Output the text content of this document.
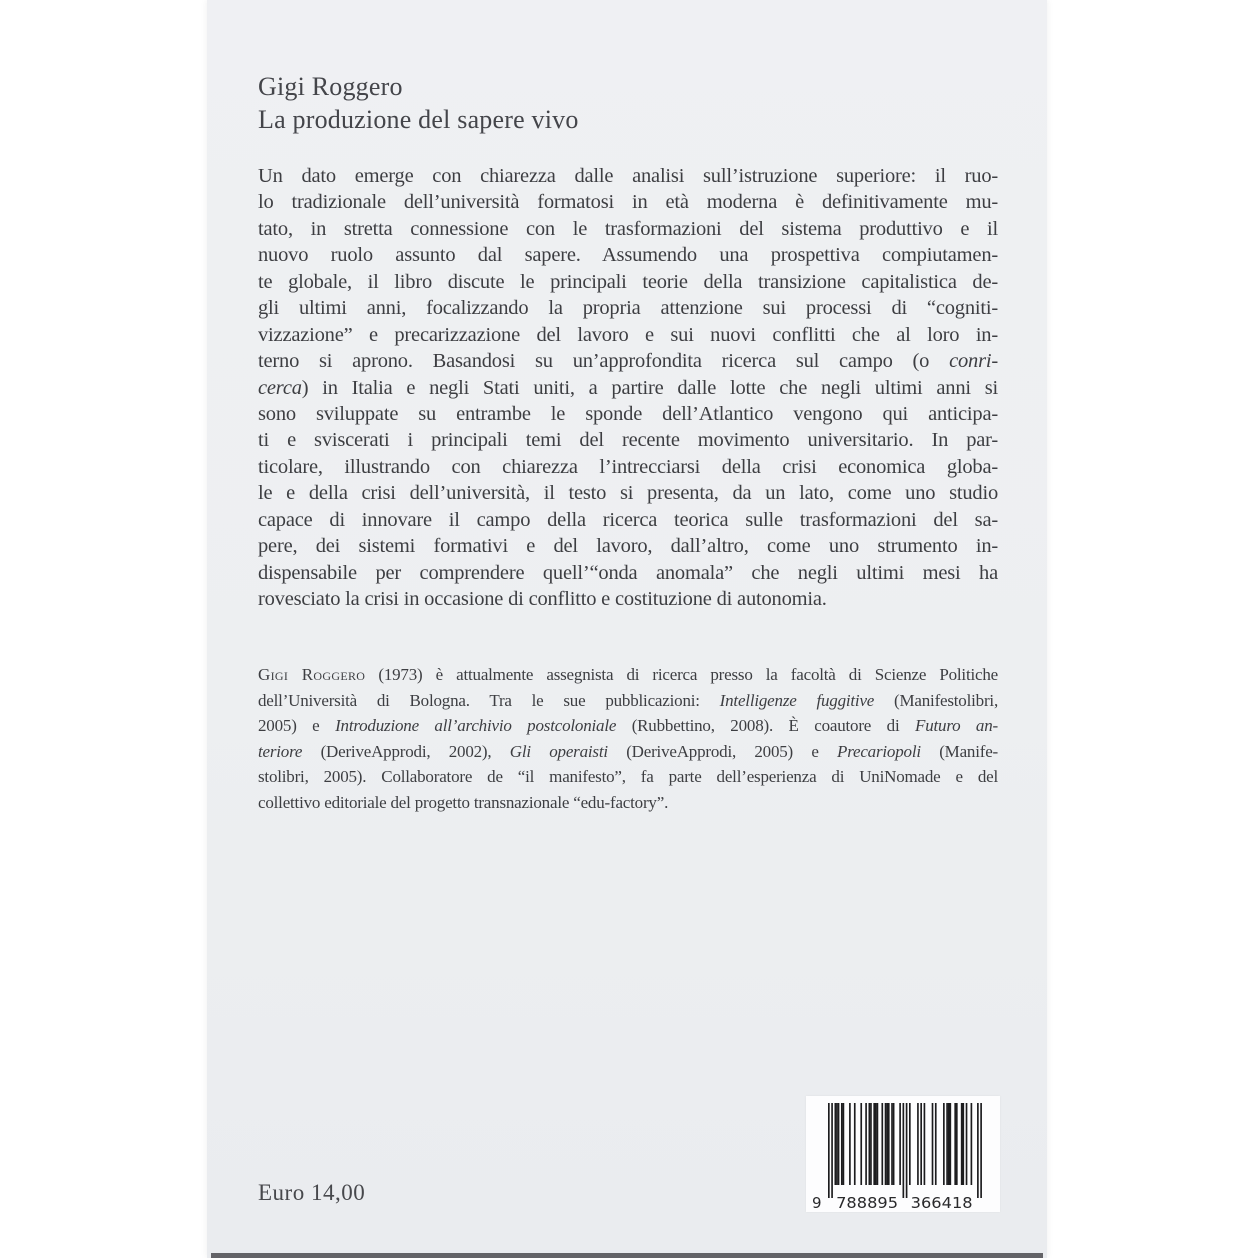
Gigi Roggero
La produzione del sapere vivo
Un dato emerge con chiarezza dalle analisi sull’istruzione superiore: il ruo-
lo tradizionale dell’università formatosi in età moderna è definitivamente mu-
tato, in stretta connessione con le trasformazioni del sistema produttivo e il
nuovo ruolo assunto dal sapere. Assumendo una prospettiva compiutamen-
te globale, il libro discute le principali teorie della transizione capitalistica de-
gli ultimi anni, focalizzando la propria attenzione sui processi di “cogniti-
vizzazione” e precarizzazione del lavoro e sui nuovi conflitti che al loro in-
terno si aprono. Basandosi su un’approfondita ricerca sul campo (o conri-
cerca) in Italia e negli Stati uniti, a partire dalle lotte che negli ultimi anni si
sono sviluppate su entrambe le sponde dell’Atlantico vengono qui anticipa-
ti e sviscerati i principali temi del recente movimento universitario. In par-
ticolare, illustrando con chiarezza l’intrecciarsi della crisi economica globa-
le e della crisi dell’università, il testo si presenta, da un lato, come uno studio
capace di innovare il campo della ricerca teorica sulle trasformazioni del sa-
pere, dei sistemi formativi e del lavoro, dall’altro, come uno strumento in-
dispensabile per comprendere quell’“onda anomala” che negli ultimi mesi ha
rovesciato la crisi in occasione di conflitto e costituzione di autonomia.
Gigi Roggero (1973) è attualmente assegnista di ricerca presso la facoltà di Scienze Politiche
dell’Università di Bologna. Tra le sue pubblicazioni: Intelligenze fuggitive (Manifestolibri,
2005) e Introduzione all’archivio postcoloniale (Rubbettino, 2008). È coautore di Futuro an-
teriore (DeriveApprodi, 2002), Gli operaisti (DeriveApprodi, 2005) e Precariopoli (Manife-
stolibri, 2005). Collaboratore de “il manifesto”, fa parte dell’esperienza di UniNomade e del
collettivo editoriale del progetto transnazionale “edu-factory”.
Euro 14,00	9 788895 366418
